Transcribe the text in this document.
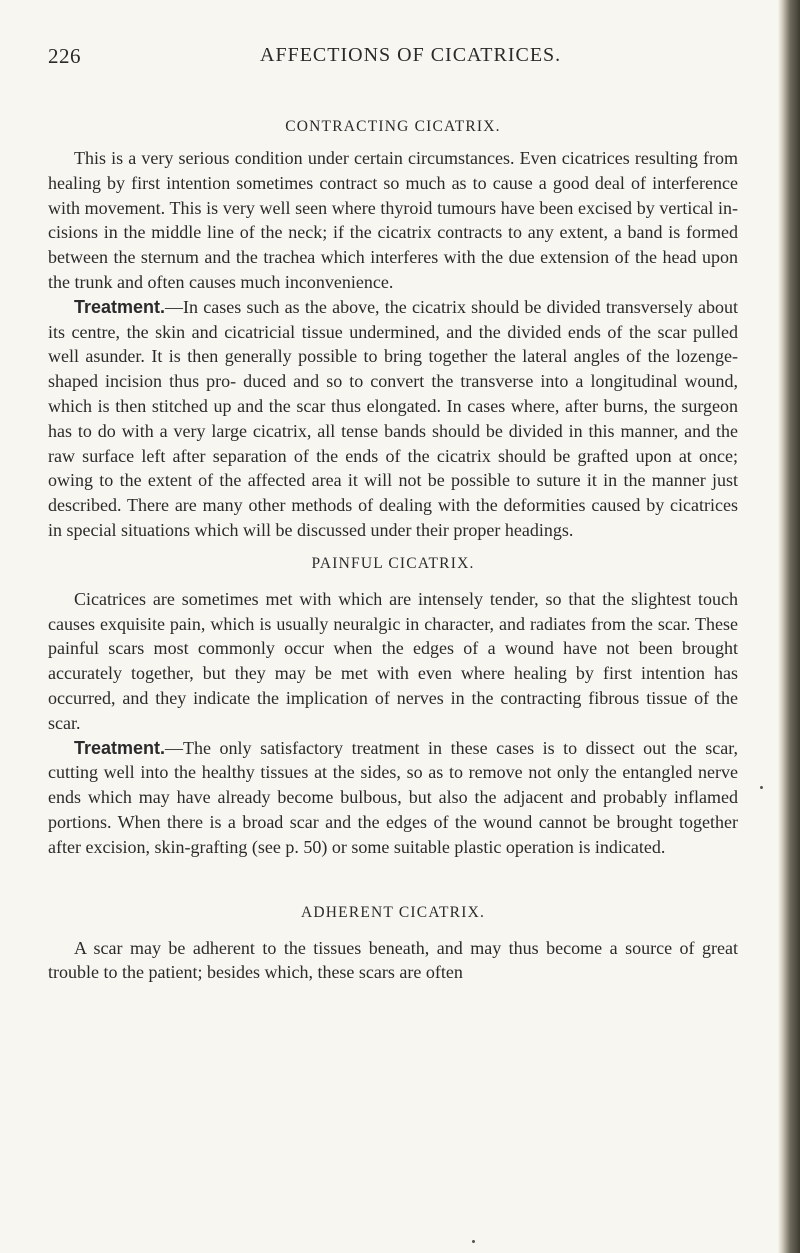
226	AFFECTIONS OF CICATRICES.
CONTRACTING CICATRIX.

This is a very serious condition under certain circumstances. Even cicatrices resulting from healing by first intention sometimes contract so much as to cause a good deal of interference with movement. This is very well seen where thyroid tumours have been excised by vertical in- cisions in the middle line of the neck; if the cicatrix contracts to any extent, a band is formed between the sternum and the trachea which interferes with the due extension of the head upon the trunk and often causes much inconvenience.

Treatment.—In cases such as the above, the cicatrix should be divided transversely about its centre, the skin and cicatricial tissue undermined, and the divided ends of the scar pulled well asunder. It is then generally possible to bring together the lateral angles of the lozenge-shaped incision thus pro- duced and so to convert the transverse into a longitudinal wound, which is then stitched up and the scar thus elongated. In cases where, after burns, the surgeon has to do with a very large cicatrix, all tense bands should be divided in this manner, and the raw surface left after separation of the ends of the cicatrix should be grafted upon at once; owing to the extent of the affected area it will not be possible to suture it in the manner just described. There are many other methods of dealing with the deformities caused by cicatrices in special situations which will be discussed under their proper headings.

PAINFUL CICATRIX.

Cicatrices are sometimes met with which are intensely tender, so that the slightest touch causes exquisite pain, which is usually neuralgic in character, and radiates from the scar. These painful scars most commonly occur when the edges of a wound have not been brought accurately together, but they may be met with even where healing by first intention has occurred, and they indicate the implication of nerves in the contracting fibrous tissue of the scar.

Treatment.—The only satisfactory treatment in these cases is to dissect out the scar, cutting well into the healthy tissues at the sides, so as to remove not only the entangled nerve ends which may have already become bulbous, but also the adjacent and probably inflamed portions. When there is a broad scar and the edges of the wound cannot be brought together after excision, skin-grafting (see p. 50) or some suitable plastic operation is indicated.

ADHERENT CICATRIX.

A scar may be adherent to the tissues beneath, and may thus become a source of great trouble to the patient; besides which, these scars are often
